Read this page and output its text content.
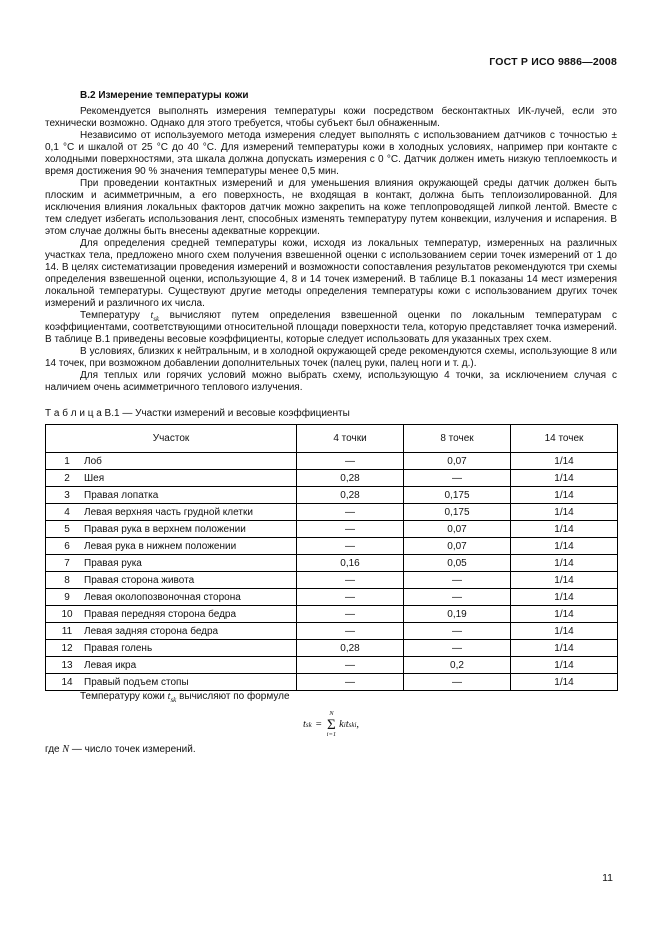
ГОСТ Р ИСО 9886—2008
В.2 Измерение температуры кожи

Рекомендуется выполнять измерения температуры кожи посредством бесконтактных ИК-лучей, если это технически возможно. Однако для этого требуется, чтобы субъект был обнаженным.

Независимо от используемого метода измерения следует выполнять с использованием датчиков с точностью ± 0,1 °С и шкалой от 25 °С до 40 °С. Для измерений температуры кожи в холодных условиях, например при контакте с холодными поверхностями, эта шкала должна допускать измерения с 0 °С. Датчик должен иметь низкую теплоемкость и время достижения 90 % значения температуры менее 0,5 мин.

При проведении контактных измерений и для уменьшения влияния окружающей среды датчик должен быть плоским и асимметричным, а его поверхность, не входящая в контакт, должна быть теплоизолированной. Для исключения влияния локальных факторов датчик можно закрепить на коже теплопроводящей липкой лентой. Вместе с тем следует избегать использования лент, способных изменять температуру путем конвекции, излучения и испарения. В этом случае должны быть внесены адекватные коррекции.

Для определения средней температуры кожи, исходя из локальных температур, измеренных на различных участках тела, предложено много схем получения взвешенной оценки с использованием серии точек измерений от 1 до 14. В целях систематизации проведения измерений и возможности сопоставления результатов рекомендуются три схемы определения взвешенной оценки, использующие 4, 8 и 14 точек измерений. В таблице В.1 показаны 14 мест измерения локальной температуры. Существуют другие методы определения температуры кожи с использованием других точек измерений и различного их числа.

Температуру $t_{sk}$ вычисляют путем определения взвешенной оценки по локальным температурам с коэффициентами, соответствующими относительной площади поверхности тела, которую представляет точка измерений. В таблице В.1 приведены весовые коэффициенты, которые следует использовать для указанных трех схем.

В условиях, близких к нейтральным, и в холодной окружающей среде рекомендуются схемы, использующие 8 или 14 точек, при возможном добавлении дополнительных точек (палец руки, палец ноги и т. д.).

Для теплых или горячих условий можно выбрать схему, использующую 4 точки, за исключением случая с наличием очень асимметричного теплового излучения.

Т а б л и ц а В.1 — Участки измерений и весовые коэффициенты
Участок	4 точки	8 точек	14 точек
1 Лоб	—	0,07	1/14
2 Шея	0,28	—	1/14
3 Правая лопатка	0,28	0,175	1/14
4 Левая верхняя часть грудной клетки	—	0,175	1/14
5 Правая рука в верхнем положении	—	0,07	1/14
6 Левая рука в нижнем положении	—	0,07	1/14
7 Правая рука	0,16	0,05	1/14
8 Правая сторона живота	—	—	1/14
9 Левая околопозвоночная сторона	—	—	1/14
10 Правая передняя сторона бедра	—	0,19	1/14
11 Левая задняя сторона бедра	—	—	1/14
12 Правая голень	0,28	—	1/14
13 Левая икра	—	0,2	1/14
14 Правый подъем стопы	—	—	1/14

Температуру кожи $t_{sk}$ вычисляют по формуле

t sk =
N
Σ
i=1
k i t ski ,

где N — число точек измерений.

11
